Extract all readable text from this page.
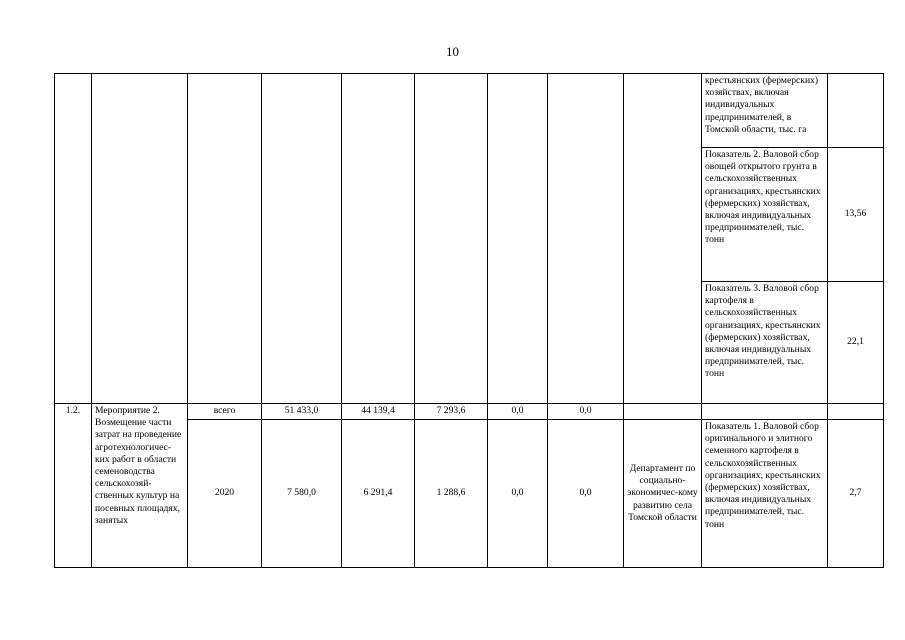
10
									крестьянских (фермерских) хозяйствах, включая индивидуальных предпринимателей, в Томской области, тыс. га	
									Показатель 2. Валовой сбор овощей открытого грунта в сельскохозяйственных организациях, крестьянских (фермерских) хозяйствах, включая индивидуальных предпринимателей, тыс. тонн	13,56
									Показатель 3. Валовой сбор картофеля в сельскохозяйственных организациях, крестьянских (фермерских) хозяйствах, включая индивидуальных предпринимателей, тыс. тонн	22,1
1.2.	Мероприятие 2. Возмещение части затрат на проведение агротехнологичес-ких работ в области семеноводства сельскохозяй-ственных культур на посевных площадях, занятых	всего	51 433,0	44 139,4	7 293,6	0,0	0,0			
		2020	7 580,0	6 291,4	1 288,6	0,0	0,0	Департамент по социально-экономичес-кому развитию села Томской области	Показатель 1. Валовой сбор оригинального и элитного семенного картофеля в сельскохозяйственных организациях, крестьянских (фермерских) хозяйствах, включая индивидуальных предпринимателей, тыс. тонн	2,7
